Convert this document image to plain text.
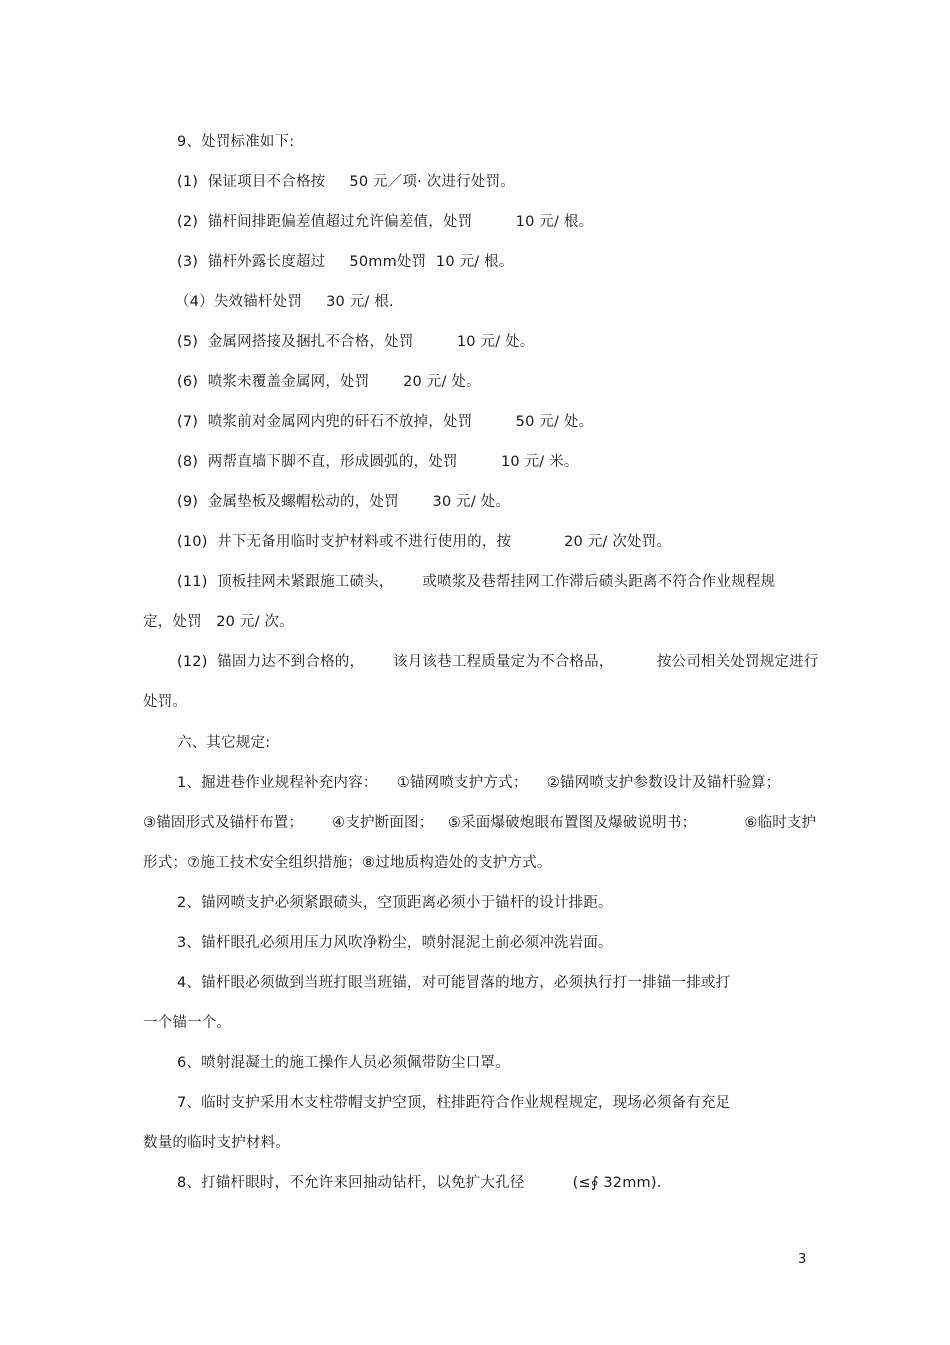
9、处罚标准如下:
(1)  保证项目不合格按     50 元／项· 次进行处罚。
(2)  锚杆间排距偏差值超过允许偏差值，处罚         10 元/ 根。
(3)  锚杆外露长度超过     50mm处罚  10 元/ 根。
（4）失效锚杆处罚     30 元/ 根.
(5)  金属网搭接及捆扎不合格，处罚         10 元/ 处。
(6)  喷浆未覆盖金属网，处罚       20 元/ 处。
(7)  喷浆前对金属网内兜的矸石不放掉，处罚         50 元/ 处。
(8)  两帮直墙下脚不直，形成圆弧的，处罚         10 元/ 米。
(9)  金属垫板及螺帽松动的，处罚       30 元/ 处。
(10)  井下无备用临时支护材料或不进行使用的，按           20 元/ 次处罚。
(11)  顶板挂网未紧跟施工碛头，      或喷浆及巷帮挂网工作滞后碛头距离不符合作业规程规
定，处罚   20 元/ 次。
(12)  锚固力达不到合格的，      该月该巷工程质量定为不合格品，         按公司相关处罚规定进行
处罚。
六、其它规定:
1、掘进巷作业规程补充内容：    ①锚网喷支护方式；    ②锚网喷支护参数设计及锚杆验算；
③锚固形式及锚杆布置；      ④支护断面图；   ⑤采面爆破炮眼布置图及爆破说明书；          ⑥临时支护
形式；⑦施工技术安全组织措施；⑧过地质构造处的支护方式。
2、锚网喷支护必须紧跟碛头，空顶距离必须小于锚杆的设计排距。
3、锚杆眼孔必须用压力风吹净粉尘，喷射混泥土前必须冲洗岩面。
4、锚杆眼必须做到当班打眼当班锚，对可能冒落的地方，必须执行打一排锚一排或打
一个锚一个。
6、喷射混凝土的施工操作人员必须佩带防尘口罩。
7、临时支护采用木支柱带帽支护空顶，柱排距符合作业规程规定，现场必须备有充足
数量的临时支护材料。
8、打锚杆眼时，不允许来回抽动钻杆，以免扩大孔径          (≤∮ 32mm).
3
